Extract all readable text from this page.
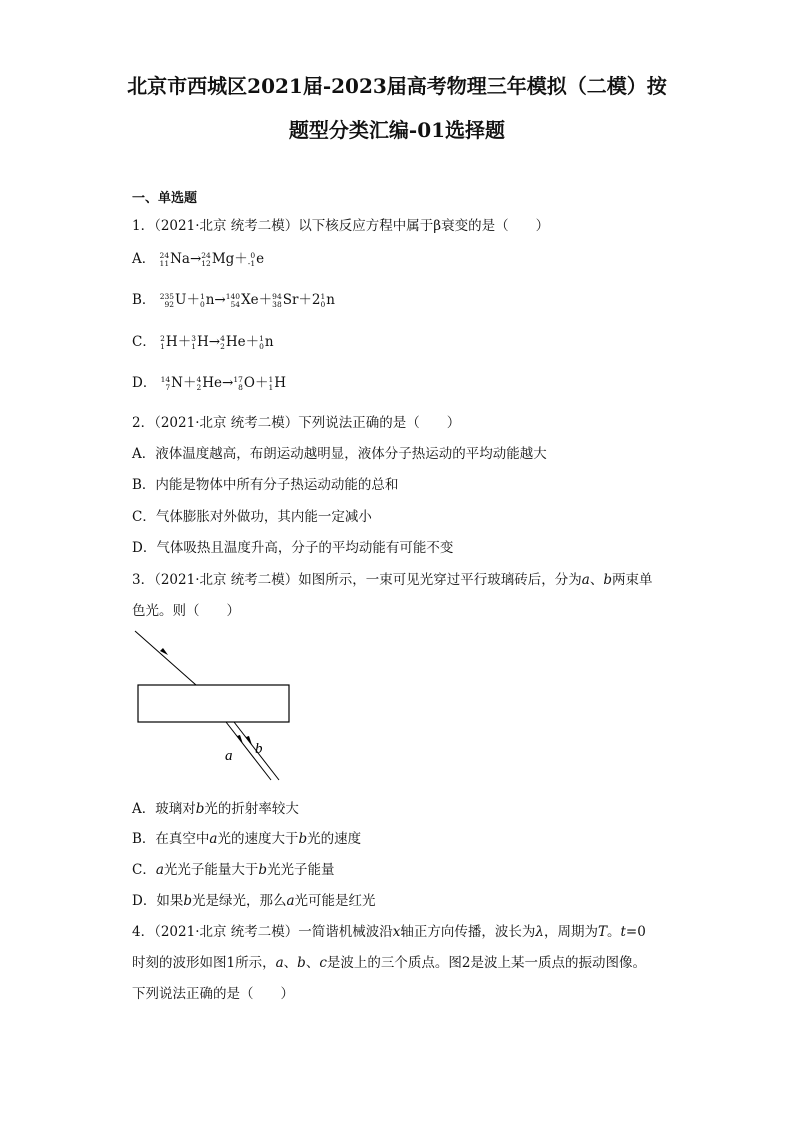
北京市西城区2021届-2023届高考物理三年模拟（二模）按
题型分类汇编-01选择题
一、单选题
1．（2021·北京 统考二模）以下核反应方程中属于β衰变的是（　　）
A． 24
11 Na→ 24
12 Mg＋ 0
-1 e
B． 235
92 U＋ 1
0 n→ 140
54 Xe＋ 94
38 Sr＋2 1
0 n
C． 2
1 H＋ 3
1 H→ 4
2 He＋ 1
0 n
D． 14
7 N＋ 4
2 He→ 17
8 O＋ 1
1 H
2．（2021·北京 统考二模）下列说法正确的是（　　）
A．液体温度越高，布朗运动越明显，液体分子热运动的平均动能越大
B．内能是物体中所有分子热运动动能的总和
C．气体膨胀对外做功，其内能一定减小
D．气体吸热且温度升高，分子的平均动能有可能不变
3．（2021·北京 统考二模）如图所示，一束可见光穿过平行玻璃砖后，分为a、b两束单
色光。则（　　）
a b
A．玻璃对b光的折射率较大
B．在真空中a光的速度大于b光的速度
C．a光光子能量大于b光光子能量
D．如果b光是绿光，那么a光可能是红光
4．（2021·北京 统考二模）一简谐机械波沿x轴正方向传播，波长为λ，周期为T。t=0
时刻的波形如图1所示，a、b、c是波上的三个质点。图2是波上某一质点的振动图像。
下列说法正确的是（　　）
